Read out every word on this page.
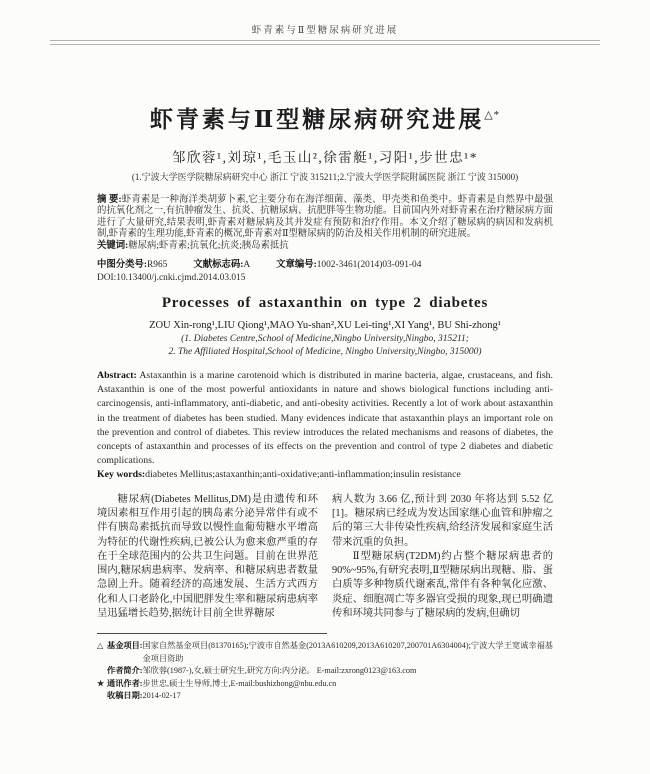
虾青素与Ⅱ型糖尿病研究进展
虾青素与Ⅱ型糖尿病研究进展△*
邹欣蓉¹,刘琼¹,毛玉山²,徐雷艇¹,习阳¹,步世忠¹*
(1.宁波大学医学院糖尿病研究中心 浙江 宁波 315211;2.宁波大学医学院附属医院 浙江 宁波 315000)
摘 要:虾青素是一种海洋类胡萝卜素,它主要分布在海洋细菌、藻类、甲壳类和鱼类中。虾青素是自然界中最强的抗氧化剂之一,有抗肿瘤发生、抗炎、抗糖尿病、抗肥胖等生物功能。目前国内外对虾青素在治疗糖尿病方面进行了大量研究,结果表明,虾青素对糖尿病及其并发症有预防和治疗作用。本文介绍了糖尿病的病因和发病机制,虾青素的生理功能,虾青素的概况,虾青素对Ⅱ型糖尿病的防治及相关作用机制的研究进展。
关键词:糖尿病;虾青素;抗氧化;抗炎;胰岛素抵抗
中图分类号:R965	文献标志码:A	文章编号:1002-3461(2014)03-091-04
DOI:10.13400/j.cnki.cjmd.2014.03.015
Processes of astaxanthin on type 2 diabetes
ZOU Xin-rong¹,LIU Qiong¹,MAO Yu-shan²,XU Lei-ting¹,XI Yang¹, BU Shi-zhong¹
(1. Diabetes Centre,School of Medicine,Ningbo University,Ningbo, 315211;
2. The Affiliated Hospital,School of Medicine, Ningbo University,Ningbo, 315000)
Abstract: Astaxanthin is a marine carotenoid which is distributed in marine bacteria, algae, crustaceans, and fish. Astaxanthin is one of the most powerful antioxidants in nature and shows biological functions including anti-carcinogensis, anti-inflammatory, anti-diabetic, and anti-obesity activities. Recently a lot of work about astaxanthin in the treatment of diabetes has been studied. Many evidences indicate that astaxanthin plays an important role on the prevention and control of diabetes. This review introduces the related mechanisms and reasons of diabetes, the concepts of astaxanthin and processes of its effects on the prevention and control of type 2 diabetes and diabetic complications.
Key words:diabetes Mellitus;astaxanthin;anti-oxidative;anti-inflammation;insulin resistance

糖尿病(Diabetes Mellitus,DM)是由遗传和环境因素相互作用引起的胰岛素分泌异常伴有或不伴有胰岛素抵抗而导致以慢性血葡萄糖水平增高为特征的代谢性疾病,已被公认为愈来愈严重的存在于全球范围内的公共卫生问题。目前在世界范围内,糖尿病患病率、发病率、和糖尿病患者数量急剧上升。随着经济的高速发展、生活方式西方化和人口老龄化,中国肥胖发生率和糖尿病患病率呈迅猛增长趋势,据统计目前全世界糖尿

病人数为 3.66 亿,预计到 2030 年将达到 5.52 亿[1]。糖尿病已经成为发达国家继心血管和肿瘤之后的第三大非传染性疾病,给经济发展和家庭生活带来沉重的负担。

Ⅱ型糖尿病(T2DM)约占整个糖尿病患者的90%~95%,有研究表明,Ⅱ型糖尿病出现糖、脂、蛋白质等多种物质代谢紊乱,常伴有各种氧化应激、炎症、细胞凋亡等多器官受损的现象,现已明确遗传和环境共同参与了糖尿病的发病,但确切

△ 基金项目: 国家自然基金项目(81370165);宁波市自然基金(2013A610209,2013A610207,200701A6304004);宁波大学王宽诚幸福基金项目资助
作者简介: 邹欣蓉(1987-),女,硕士研究生,研究方向:内分泌。 E-mail:zxrong0123@163.com
★ 通讯作者: 步世忠,硕士生导师,博士,E-mail:bushizhong@nbu.edu.cn
收稿日期: 2014-02-17
